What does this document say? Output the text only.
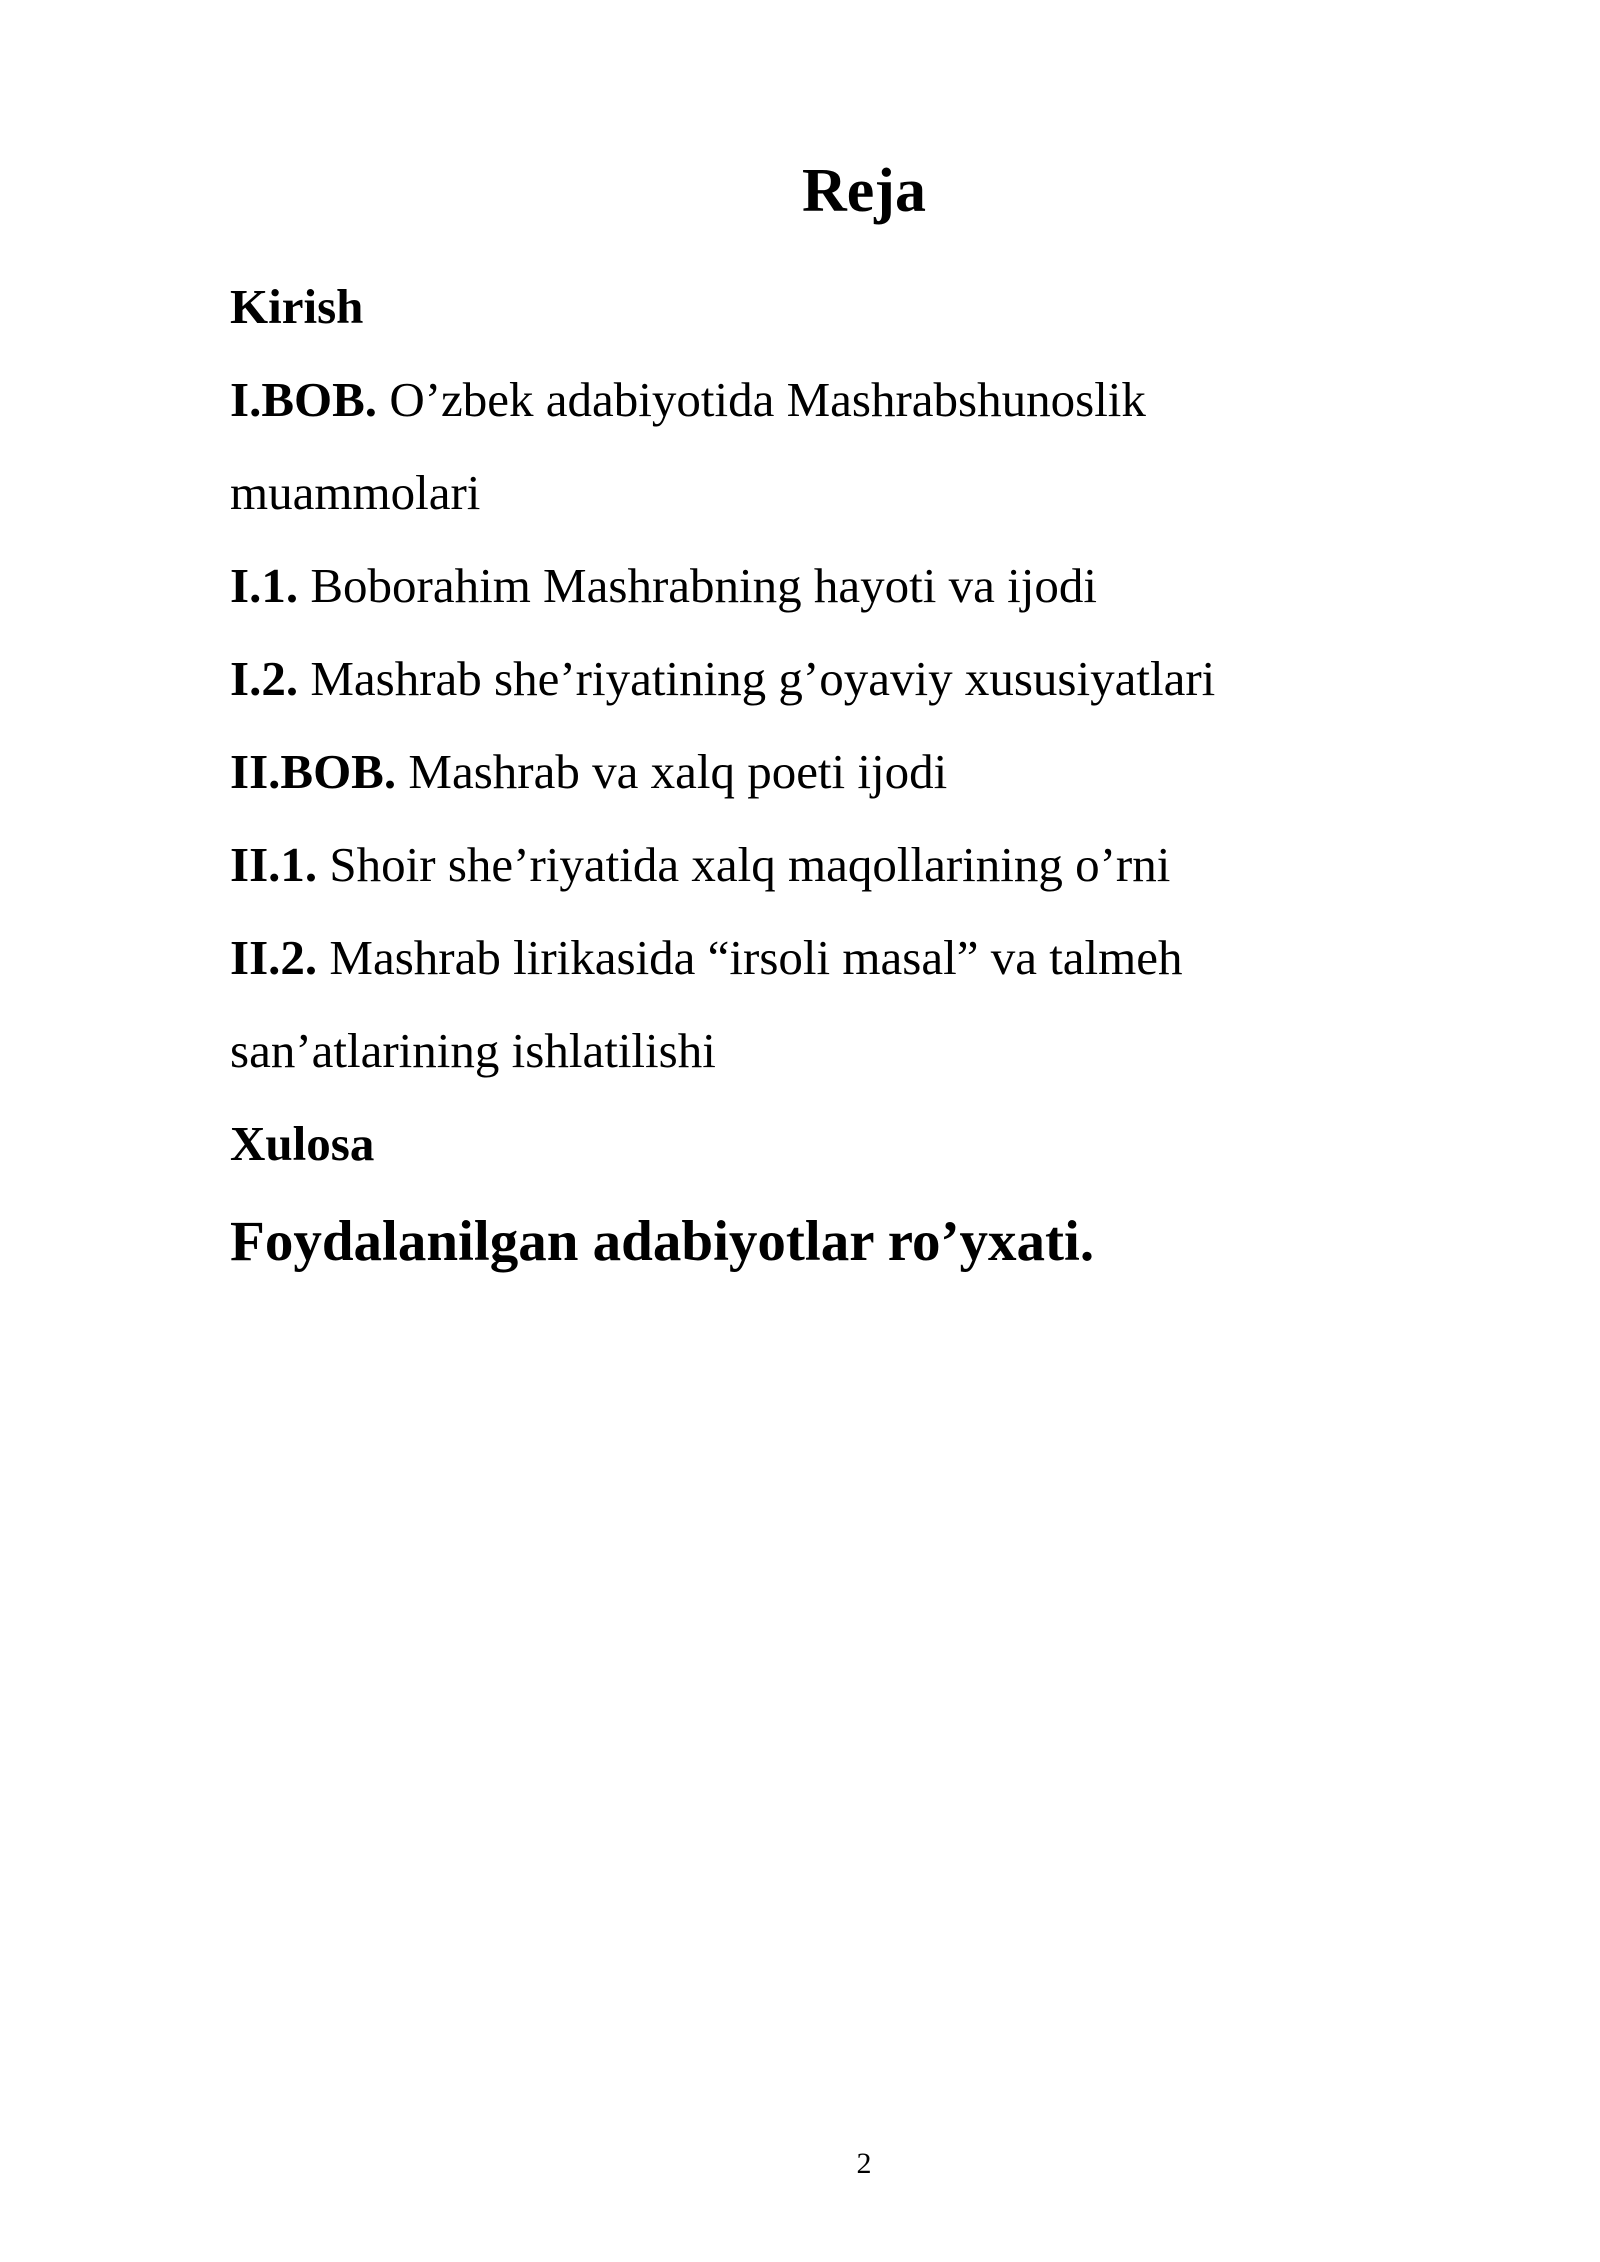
Reja
Kirish
I.BOB. O’zbek adabiyotida Mashrabshunoslik
muammolari
I.1. Boborahim Mashrabning hayoti va ijodi
I.2. Mashrab she’riyatining g’oyaviy xususiyatlari
II.BOB. Mashrab va xalq poeti ijodi
II.1. Shoir she’riyatida xalq maqollarining o’rni
II.2. Mashrab lirikasida “irsoli masal” va talmeh
san’atlarining ishlatilishi
Xulosa
Foydalanilgan adabiyotlar ro’yxati.
2
